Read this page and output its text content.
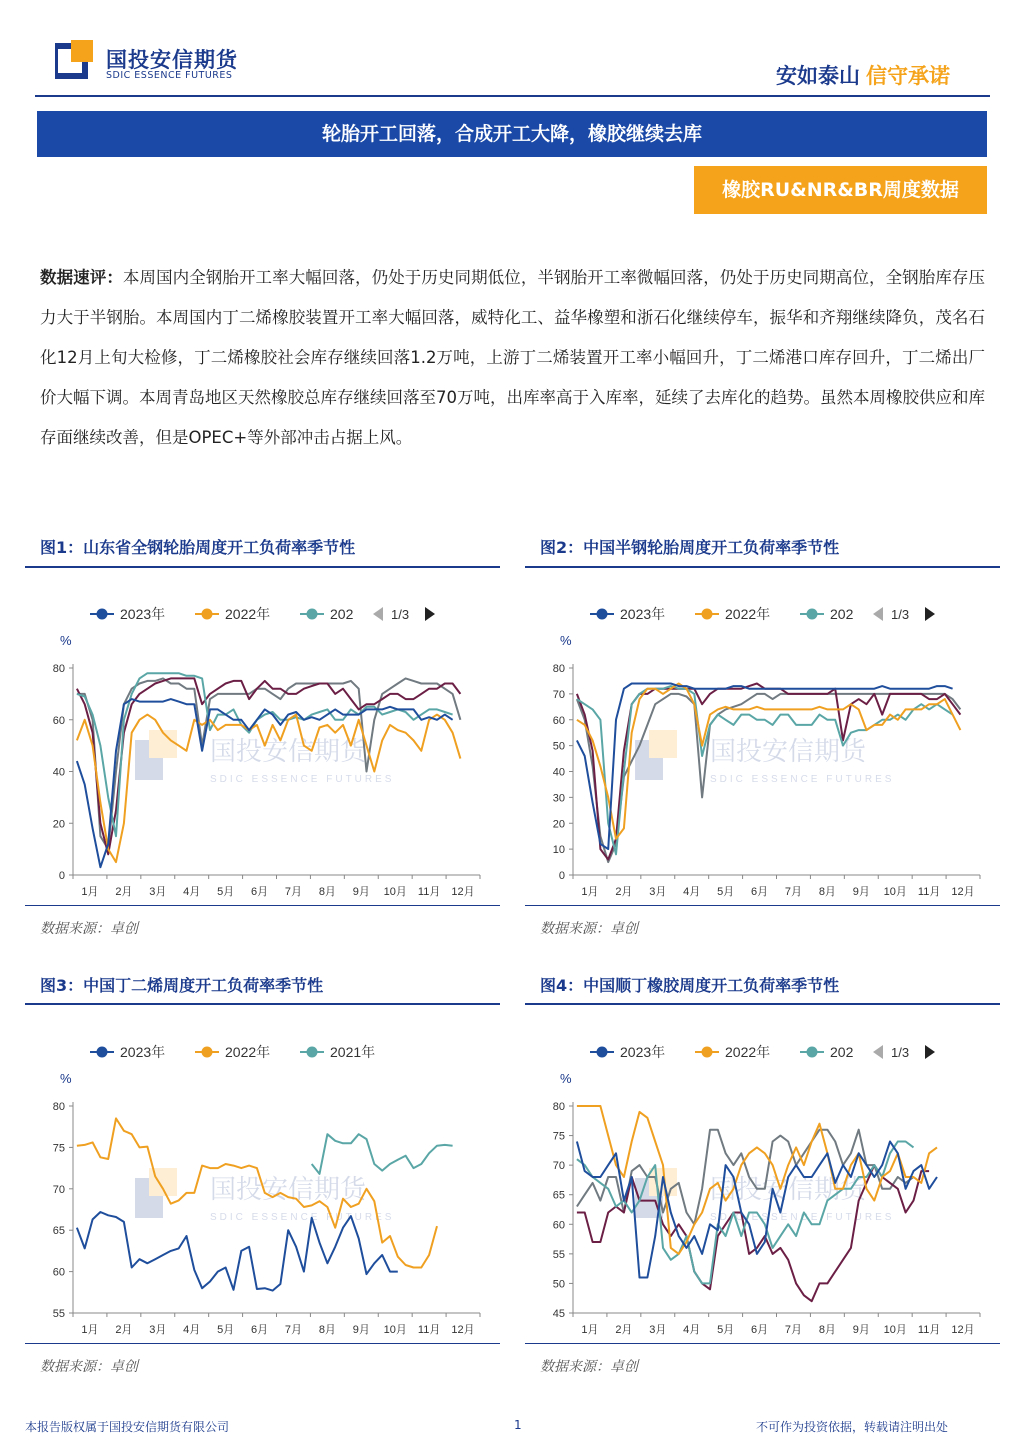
国投安信期货
SDIC ESSENCE FUTURES	安如泰山 信守承诺
轮胎开工回落，合成开工大降，橡胶继续去库
橡胶RU&NR&BR周度数据
数据速评：本周国内全钢胎开工率大幅回落，仍处于历史同期低位，半钢胎开工率微幅回落，仍处于历史同期高位，全钢胎库存压力大于半钢胎。本周国内丁二烯橡胶装置开工率大幅回落，威特化工、益华橡塑和浙石化继续停车，振华和齐翔继续降负，茂名石化12月上旬大检修，丁二烯橡胶社会库存继续回落1.2万吨，上游丁二烯装置开工率小幅回升，丁二烯港口库存回升，丁二烯出厂价大幅下调。本周青岛地区天然橡胶总库存继续回落至70万吨，出库率高于入库率，延续了去库化的趋势。虽然本周橡胶供应和库存面继续改善，但是OPEC+等外部冲击占据上风。
图1：山东省全钢轮胎周度开工负荷率季节性
国投安信期货
SDIC ESSENCE FUTURES
2023年	2022年	202	1/3
%
0
20
40
60
80
1月 2月 3月 4月 5月 6月 7月 8月 9月 10月 11月 12月
数据来源：卓创
图2：中国半钢轮胎周度开工负荷率季节性
国投安信期货
SDIC ESSENCE FUTURES
2023年	2022年	202	1/3
%
0
10
20
30
40
50
60
70
80
1月 2月 3月 4月 5月 6月 7月 8月 9月 10月 11月 12月
数据来源：卓创
图3：中国丁二烯周度开工负荷率季节性
国投安信期货
SDIC ESSENCE FUTURES
2023年	2022年	2021年
%
55
60
65
70
75
80
1月 2月 3月 4月 5月 6月 7月 8月 9月 10月 11月 12月
数据来源：卓创
图4：中国顺丁橡胶周度开工负荷率季节性
国投安信期货
SDIC ESSENCE FUTURES
2023年	2022年	202	1/3
%
45
50
55
60
65
70
75
80
1月 2月 3月 4月 5月 6月 7月 8月 9月 10月 11月 12月
数据来源：卓创
本报告版权属于国投安信期货有限公司	1	不可作为投资依据，转载请注明出处
